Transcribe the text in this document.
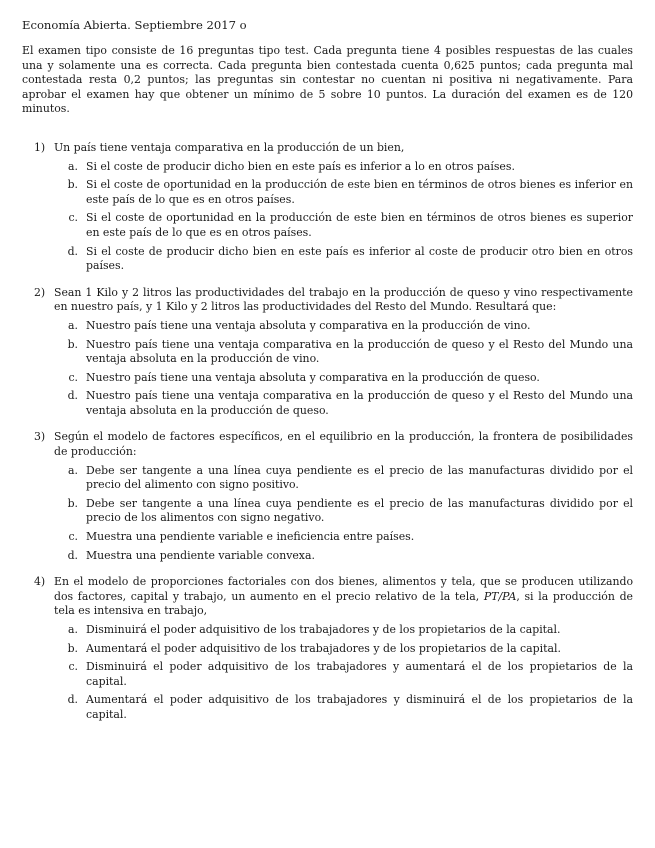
Economía Abierta. Septiembre 2017 o

El examen tipo consiste de 16 preguntas tipo test. Cada pregunta tiene 4 posibles respuestas de las cuales una y solamente una es correcta. Cada pregunta bien contestada cuenta 0,625 puntos; cada pregunta mal contestada resta 0,2 puntos; las preguntas sin contestar no cuentan ni positiva ni negativamente. Para aprobar el examen hay que obtener un mínimo de 5 sobre 10 puntos. La duración del examen es de 120 minutos.

1) Un país tiene ventaja comparativa en la producción de un bien,

a. Si el coste de producir dicho bien en este país es inferior a lo en otros países.
b. Si el coste de oportunidad en la producción de este bien en términos de otros bienes es inferior en este país de lo que es en otros países.
c. Si el coste de oportunidad en la producción de este bien en términos de otros bienes es superior en este país de lo que es en otros países.
d. Si el coste de producir dicho bien en este país es inferior al coste de producir otro bien en otros países.
2) Sean 1 Kilo y 2 litros las productividades del trabajo en la producción de queso y vino respectivamente en nuestro país, y 1 Kilo y 2 litros las productividades del Resto del Mundo. Resultará que:

a. Nuestro país tiene una ventaja absoluta y comparativa en la producción de vino.
b. Nuestro país tiene una ventaja comparativa en la producción de queso y el Resto del Mundo una ventaja absoluta en la producción de vino.
c. Nuestro país tiene una ventaja absoluta y comparativa en la producción de queso.
d. Nuestro país tiene una ventaja comparativa en la producción de queso y el Resto del Mundo una ventaja absoluta en la producción de queso.
3) Según el modelo de factores específicos, en el equilibrio en la producción, la frontera de posibilidades de producción:

a. Debe ser tangente a una línea cuya pendiente es el precio de las manufacturas dividido por el precio del alimento con signo positivo.
b. Debe ser tangente a una línea cuya pendiente es el precio de las manufacturas dividido por el precio de los alimentos con signo negativo.
c. Muestra una pendiente variable e ineficiencia entre países.
d. Muestra una pendiente variable convexa.
4) En el modelo de proporciones factoriales con dos bienes, alimentos y tela, que se producen utilizando dos factores, capital y trabajo, un aumento en el precio relativo de la tela, PT/PA, si la producción de tela es intensiva en trabajo,

a. Disminuirá el poder adquisitivo de los trabajadores y de los propietarios de la capital.
b. Aumentará el poder adquisitivo de los trabajadores y de los propietarios de la capital.
c. Disminuirá el poder adquisitivo de los trabajadores y aumentará el de los propietarios de la capital.
d. Aumentará el poder adquisitivo de los trabajadores y disminuirá el de los propietarios de la capital.
